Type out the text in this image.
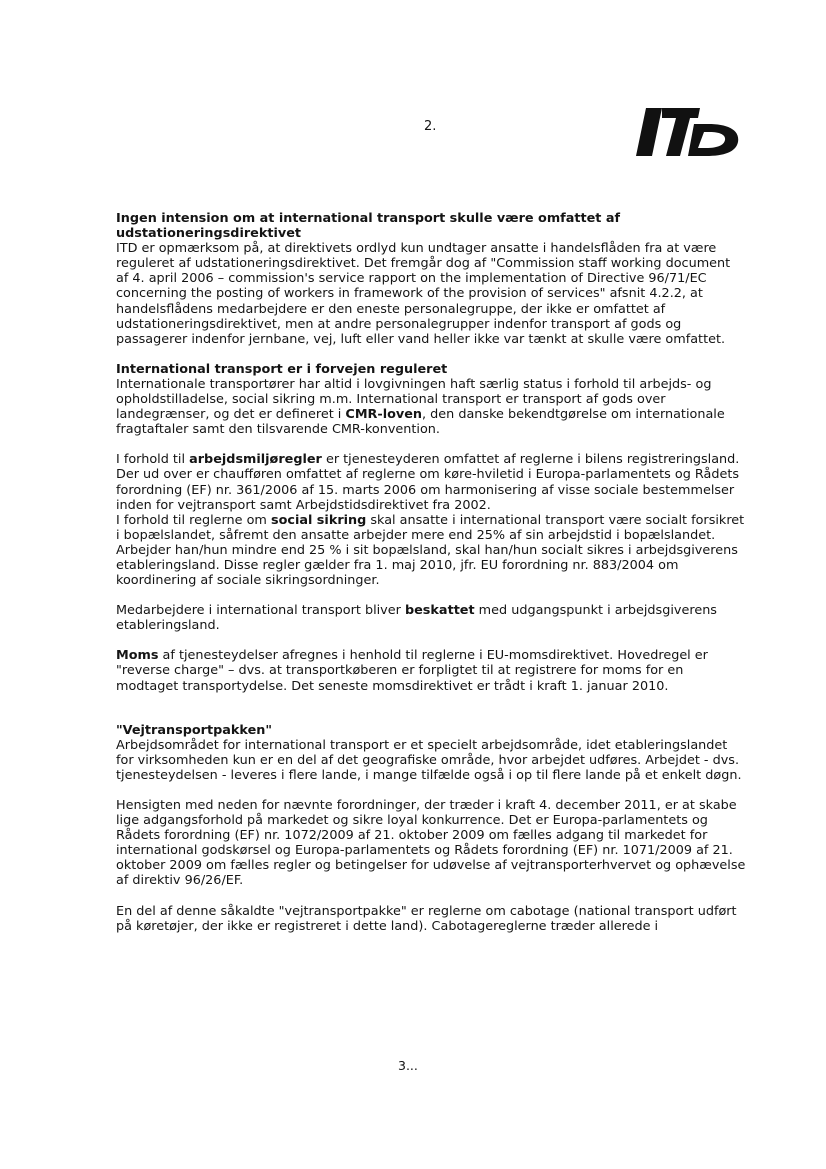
2.

Ingen intension om at international transport skulle være omfattet af udstationeringsdirektivet

ITD er opmærksom på, at direktivets ordlyd kun undtager ansatte i handelsflåden fra at være reguleret af udstationeringsdirektivet. Det fremgår dog af "Commission staff working document af 4. april 2006 – commission's service rapport on the implementation of Directive 96/71/EC concerning the posting of workers in framework of the provision of services" afsnit 4.2.2, at handelsflådens medarbejdere er den eneste personalegruppe, der ikke er omfattet af udstationeringsdirektivet, men at andre personalegrupper indenfor transport af gods og passagerer indenfor jernbane, vej, luft eller vand heller ikke var tænkt at skulle være omfattet.

International transport er i forvejen reguleret

Internationale transportører har altid i lovgivningen haft særlig status i forhold til arbejds- og opholdstilladelse, social sikring m.m. International transport er transport af gods over landegrænser, og det er defineret i CMR-loven, den danske bekendtgørelse om internationale fragtaftaler samt den tilsvarende CMR-konvention.

I forhold til arbejdsmiljøregler er tjenesteyderen omfattet af reglerne i bilens registreringsland. Der ud over er chaufføren omfattet af reglerne om køre-hviletid i Europa-parlamentets og Rådets forordning (EF) nr. 361/2006 af 15. marts 2006 om harmonisering af visse sociale bestemmelser inden for vejtransport samt Arbejdstidsdirektivet fra 2002.

I forhold til reglerne om social sikring skal ansatte i international transport være socialt forsikret i bopælslandet, såfremt den ansatte arbejder mere end 25% af sin arbejdstid i bopælslandet. Arbejder han/hun mindre end 25 % i sit bopælsland, skal han/hun socialt sikres i arbejdsgiverens etableringsland. Disse regler gælder fra 1. maj 2010, jfr. EU forordning nr. 883/2004 om koordinering af sociale sikringsordninger.

Medarbejdere i international transport bliver beskattet med udgangspunkt i arbejdsgiverens etableringsland.

Moms af tjenesteydelser afregnes i henhold til reglerne i EU-momsdirektivet. Hovedregel er "reverse charge" – dvs. at transportkøberen er forpligtet til at registrere for moms for en modtaget transportydelse. Det seneste momsdirektivet er trådt i kraft 1. januar 2010.

"Vejtransportpakken"

Arbejdsområdet for international transport er et specielt arbejdsområde, idet etableringslandet for virksomheden kun er en del af det geografiske område, hvor arbejdet udføres. Arbejdet - dvs. tjenesteydelsen - leveres i flere lande, i mange tilfælde også i op til flere lande på et enkelt døgn.

Hensigten med neden for nævnte forordninger, der træder i kraft 4. december 2011, er at skabe lige adgangsforhold på markedet og sikre loyal konkurrence. Det er Europa-parlamentets og Rådets forordning (EF) nr. 1072/2009 af 21. oktober 2009 om fælles adgang til markedet for international godskørsel og Europa-parlamentets og Rådets forordning (EF) nr. 1071/2009 af 21. oktober 2009 om fælles regler og betingelser for udøvelse af vejtransporterhvervet og ophævelse af direktiv 96/26/EF.

En del af denne såkaldte "vejtransportpakke" er reglerne om cabotage (national transport udført på køretøjer, der ikke er registreret i dette land). Cabotagereglerne træder allerede i

3...
